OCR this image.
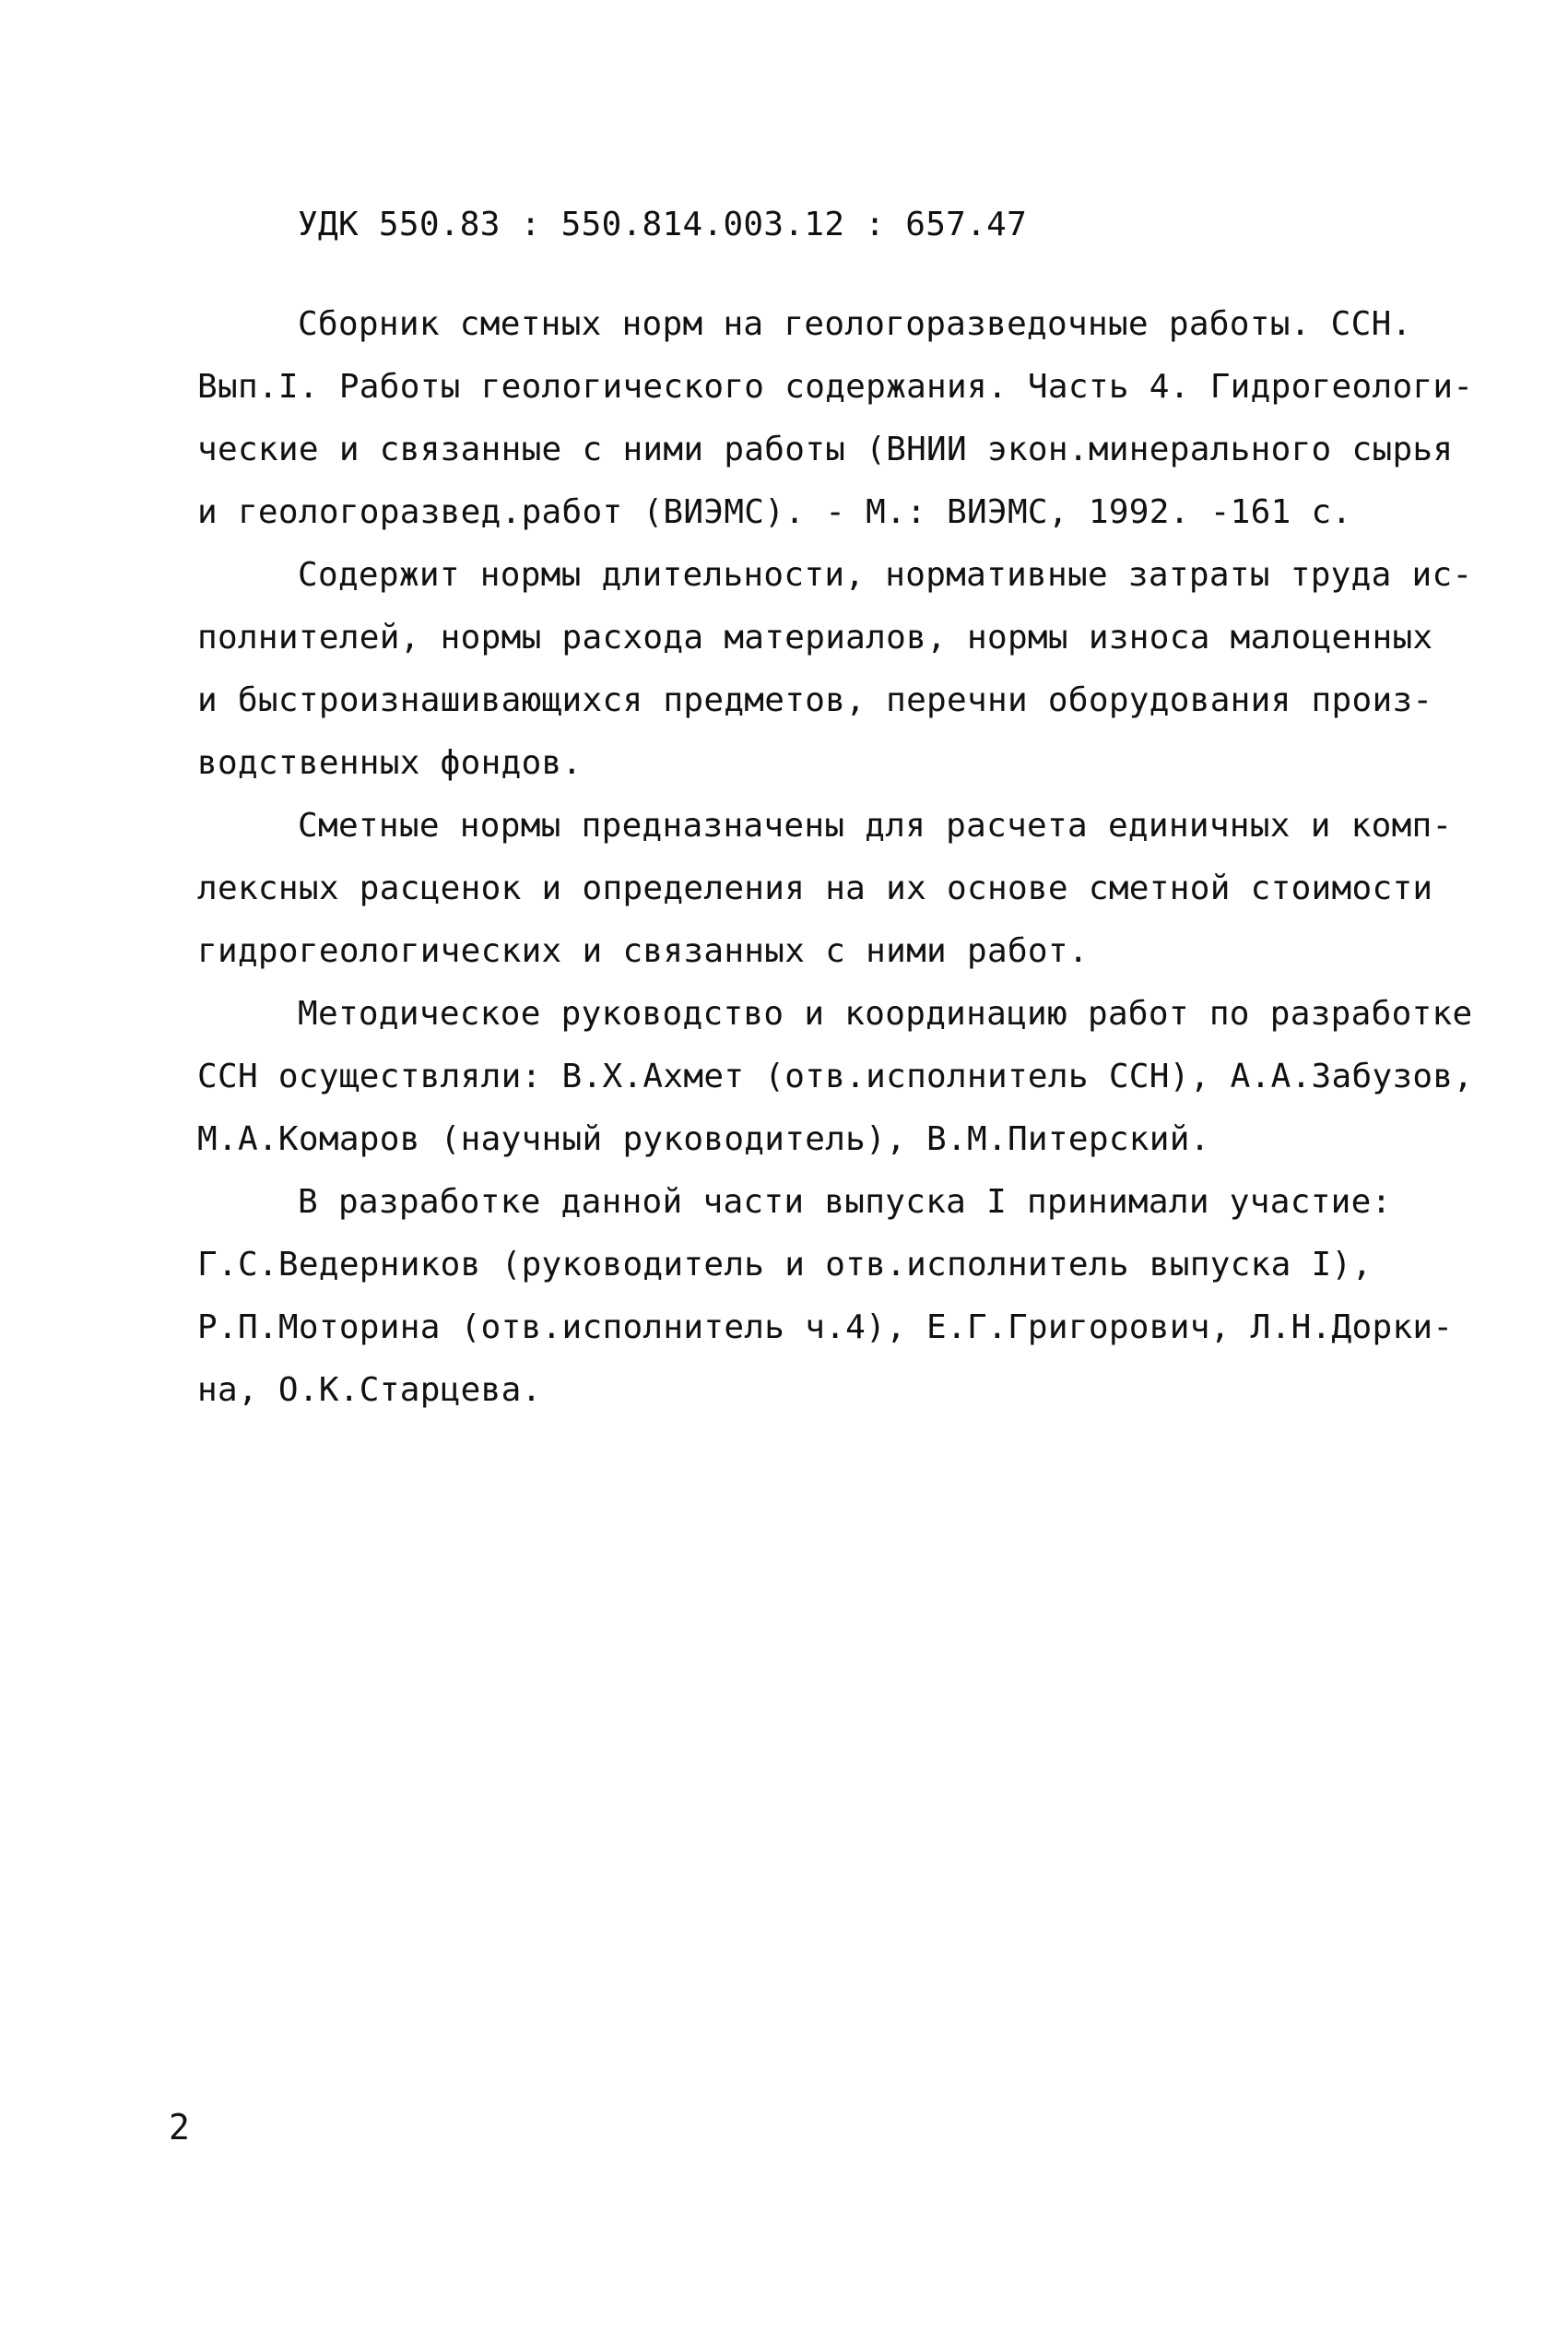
УДК 550.83 : 550.814.003.12 : 657.47
Сборник сметных норм на геологоразведочные работы. ССН.
Вып.I. Работы геологического содержания. Часть 4. Гидрогеологи-
ческие и связанные с ними работы (ВНИИ экон.минерального сырья
и геологоразвед.работ (ВИЭМС). - М.: ВИЭМС, 1992. -161 с.
Содержит нормы длительности, нормативные затраты труда ис-
полнителей, нормы расхода материалов, нормы износа малоценных
и быстроизнашивающихся предметов, перечни оборудования произ-
водственных фондов.
Сметные нормы предназначены для расчета единичных и комп-
лексных расценок и определения на их основе сметной стоимости
гидрогеологических и связанных с ними работ.
Методическое руководство и координацию работ по разработке
ССН осуществляли: В.Х.Ахмет (отв.исполнитель ССН), А.А.Забузов,
М.А.Комаров (научный руководитель), В.М.Питерский.
В разработке данной части выпуска I принимали участие:
Г.С.Ведерников (руководитель и отв.исполнитель выпуска I),
Р.П.Моторина (отв.исполнитель ч.4), Е.Г.Григорович, Л.Н.Дорки-
на, О.К.Старцева.
2
